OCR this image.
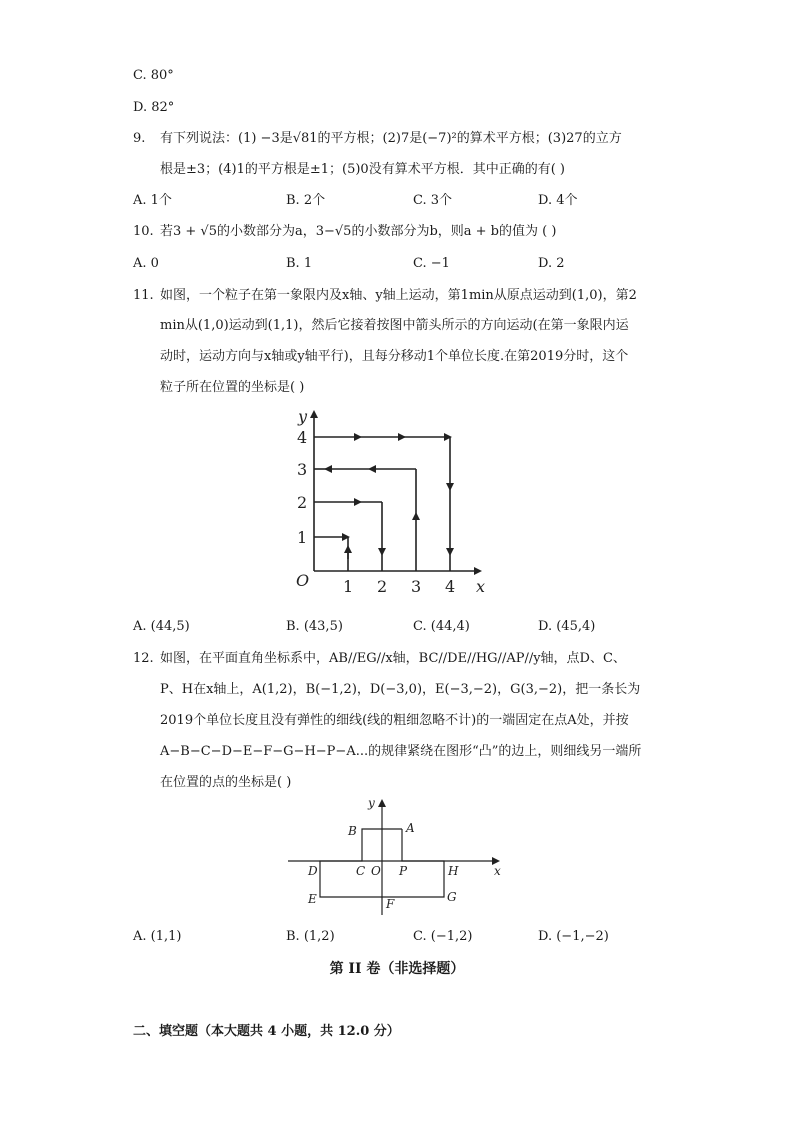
C. 80°
D. 82°
9. 有下列说法：(1) −3是√81的平方根；(2)7是(−7)²的算术平方根；(3)27的立方
根是±3；(4)1的平方根是±1；(5)0没有算术平方根．其中正确的有( )
A. 1个	B. 2个	C. 3个	D. 4个
10. 若3 + √5的小数部分为a，3−√5的小数部分为b，则a + b的值为 ( )
A. 0	B. 1	C. −1	D. 2
11. 如图，一个粒子在第一象限内及x轴、y轴上运动，第1min从原点运动到(1,0)，第2
min从(1,0)运动到(1,1)，然后它接着按图中箭头所示的方向运动(在第一象限内运
动时，运动方向与x轴或y轴平行)，且每分移动1个单位长度.在第2019分时，这个
粒子所在位置的坐标是( )
y
x
O 1 2 3 4
1
2
3
4
A. (44,5)	B. (43,5)	C. (44,4)	D. (45,4)
12. 如图，在平面直角坐标系中，AB//EG//x轴，BC//DE//HG//AP//y轴，点D、C、
P、H在x轴上，A(1,2)，B(−1,2)，D(−3,0)，E(−3,−2)，G(3,−2)，把一条长为
2019个单位长度且没有弹性的细线(线的粗细忽略不计)的一端固定在点A处，并按
A−B−C−D−E−F−G−H−P−A...的规律紧绕在图形“凸”的边上，则细线另一端所
在位置的点的坐标是( )
y
x
B	A
C O P
D	H
E	F	G
A. (1,1)	B. (1,2)	C. (−1,2)	D. (−1,−2)
第 II 卷（非选择题）
二、填空题（本大题共 4 小题，共 12.0 分）
